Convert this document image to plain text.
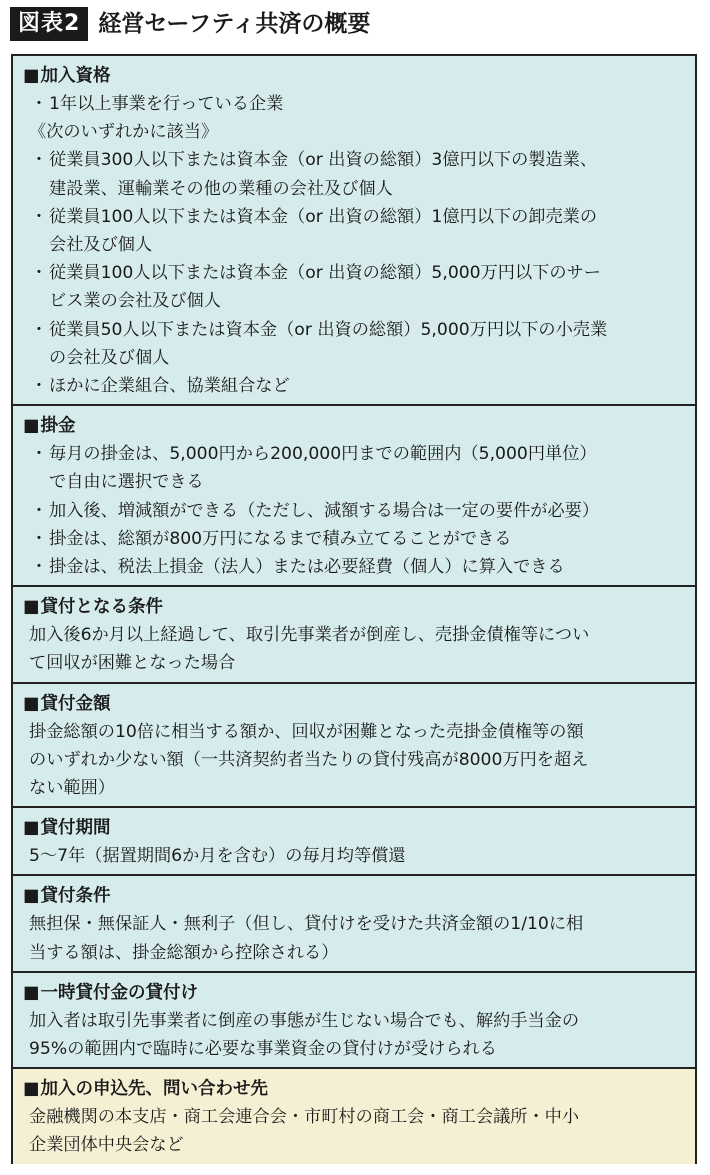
図表2 経営セーフティ共済の概要
■加入資格
・ 1年以上事業を行っている企業
《次のいずれかに該当》
・ 従業員300人以下または資本金（or 出資の総額）3億円以下の製造業、
建設業、運輸業その他の業種の会社及び個人
・ 従業員100人以下または資本金（or 出資の総額）1億円以下の卸売業の
会社及び個人
・ 従業員100人以下または資本金（or 出資の総額）5,000万円以下のサー
ビス業の会社及び個人
・ 従業員50人以下または資本金（or 出資の総額）5,000万円以下の小売業
の会社及び個人
・ ほかに企業組合、協業組合など
■掛金
・ 毎月の掛金は、5,000円から200,000円までの範囲内（5,000円単位）
で自由に選択できる
・ 加入後、増減額ができる（ただし、減額する場合は一定の要件が必要）
・ 掛金は、総額が800万円になるまで積み立てることができる
・ 掛金は、税法上損金（法人）または必要経費（個人）に算入できる
■貸付となる条件
加入後6か月以上経過して、取引先事業者が倒産し、売掛金債権等につい
て回収が困難となった場合
■貸付金額
掛金総額の10倍に相当する額か、回収が困難となった売掛金債権等の額
のいずれか少ない額（一共済契約者当たりの貸付残高が8000万円を超え
ない範囲）
■貸付期間
5〜7年（据置期間6か月を含む）の毎月均等償還
■貸付条件
無担保・無保証人・無利子（但し、貸付けを受けた共済金額の1/10に相
当する額は、掛金総額から控除される）
■一時貸付金の貸付け
加入者は取引先事業者に倒産の事態が生じない場合でも、解約手当金の
95%の範囲内で臨時に必要な事業資金の貸付けが受けられる
■加入の申込先、問い合わせ先
金融機関の本支店・商工会連合会・市町村の商工会・商工会議所・中小
企業団体中央会など
